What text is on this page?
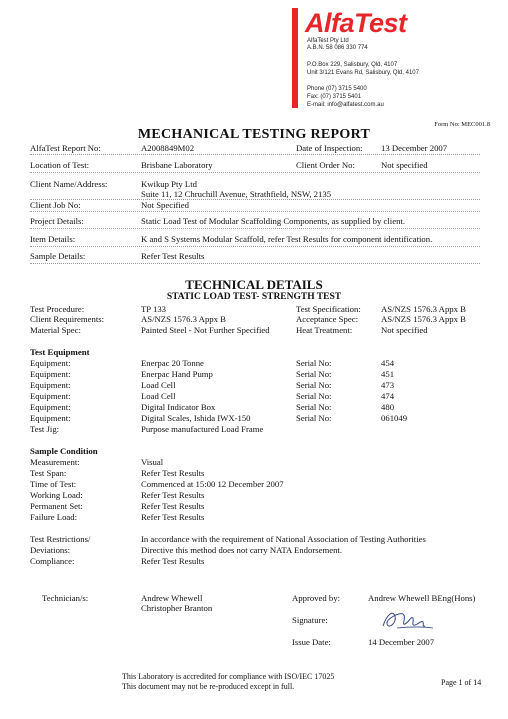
AlfaTest
AlfaTest Pty Ltd
A.B.N. 58 086 330 774
P.O.Box 229, Salisbury, Qld, 4107
Unit 3/121 Evans Rd, Salisbury, Qld, 4107
Phone (07) 3715 5400
Fax: (07) 3715 5401
E-mail: info@alfatest.com.au
Form No: MEC001.8
MECHANICAL TESTING REPORT
AlfaTest Report No:	A2008849M02	Date of Inspection: 13 December 2007
Location of Test:	Brisbane Laboratory	Client Order No:	Not specified
Client Name/Address:	Kwikup Pty Ltd
Suite 11, 12 Chruchill Avenue, Strathfield, NSW, 2135
Client Job No:	Not Specified
Project Details:	Static Load Test of Modular Scaffolding Components, as supplied by client.
Item Details:	K and S Systems Modular Scaffold, refer Test Results for component identification.
Sample Details:	Refer Test Results
TECHNICAL DETAILS
STATIC LOAD TEST- STRENGTH TEST
Test Procedure:	TP 133	Test Specification: AS/NZS 1576.3 Appx B
Client Requirements:	AS/NZS 1576.3 Appx B	Acceptance Spec:	AS/NZS 1576.3 Appx B
Material Spec:	Painted Steel - Not Further Specified	Heat Treatment:	Not specified
Test Equipment
Equipment:	Enerpac 20 Tonne	Serial No:	454
Equipment:	Enerpac Hand Pump	Serial No:	451
Equipment:	Load Cell	Serial No:	473
Equipment:	Load Cell	Serial No:	474
Equipment:	Digital Indicator Box	Serial No:	480
Equipment:	Digital Scales, Ishida IWX-150	Serial No:	061049
Test Jig:	Purpose manufactured Load Frame
Sample Condition
Measurement:	Visual
Test Span:	Refer Test Results
Time of Test:	Commenced at 15:00 12 December 2007
Working Load:	Refer Test Results
Permanent Set:	Refer Test Results
Failure Load:	Refer Test Results
Test Restrictions/	In accordance with the requirement of National Association of Testing Authorities
Deviations:	Directive this method does not carry NATA Endorsement.
Compliance:	Refer Test Results
Technician/s:	Andrew Whewell
Christopher Branton
Approved by:	Andrew Whewell BEng(Hons)
Signature:
Issue Date:	14 December 2007
This Laboratory is accredited for compliance with ISO/IEC 17025
This document may not be re-produced except in full.	Page 1 of 14
